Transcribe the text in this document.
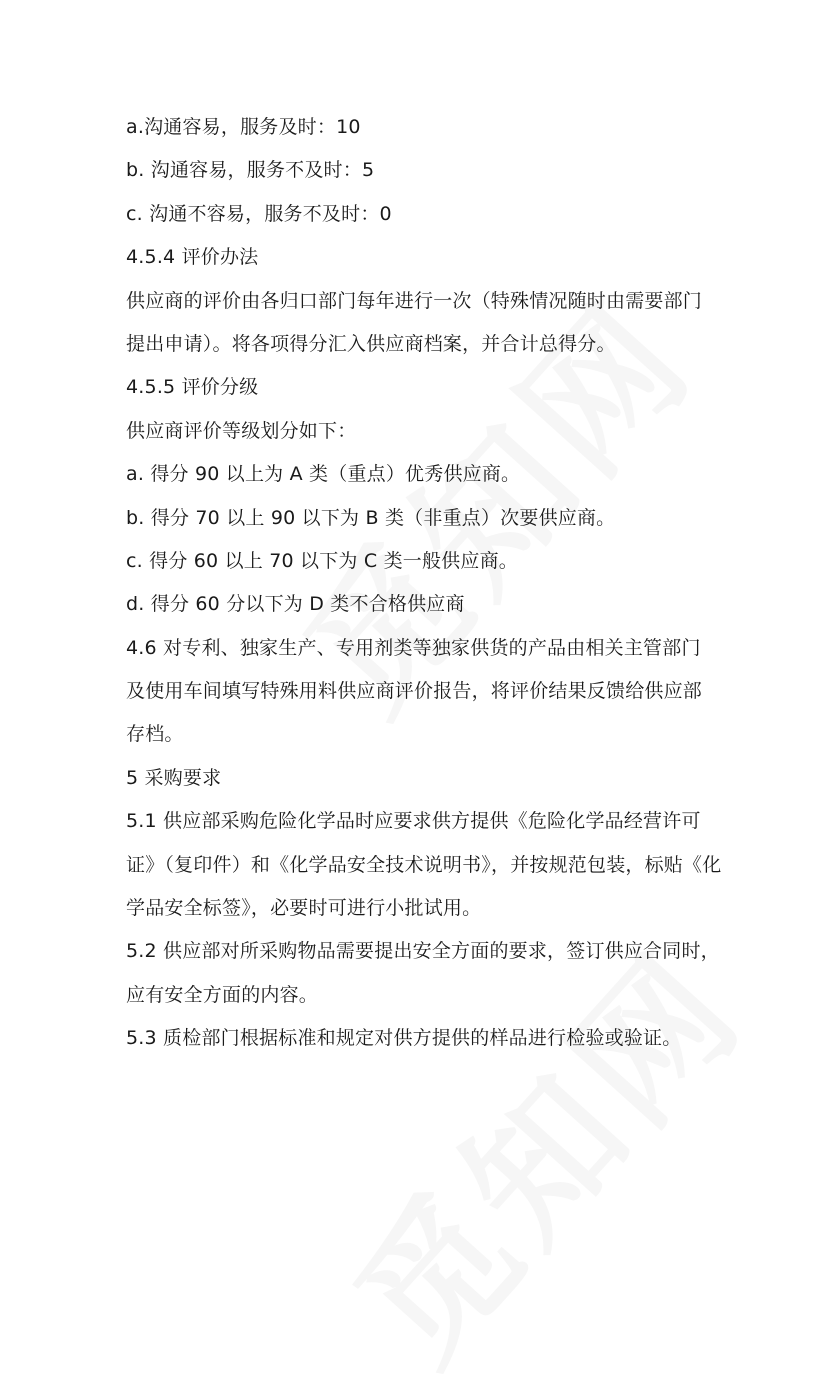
a.沟通容易，服务及时：10
b. 沟通容易，服务不及时：5
c. 沟通不容易，服务不及时：0
4.5.4 评价办法
供应商的评价由各归口部门每年进行一次（特殊情况随时由需要部门
提出申请）。将各项得分汇入供应商档案，并合计总得分。
4.5.5 评价分级
供应商评价等级划分如下：
a. 得分 90 以上为 A 类（重点）优秀供应商。
b. 得分 70 以上 90 以下为 B 类（非重点）次要供应商。
c. 得分 60 以上 70 以下为 C 类一般供应商。
d. 得分 60 分以下为 D 类不合格供应商
4.6 对专利、独家生产、专用剂类等独家供货的产品由相关主管部门
及使用车间填写特殊用料供应商评价报告，将评价结果反馈给供应部
存档。
5 采购要求
5.1 供应部采购危险化学品时应要求供方提供《危险化学品经营许可
证》（复印件）和《化学品安全技术说明书》，并按规范包装，标贴《化
学品安全标签》，必要时可进行小批试用。
5.2 供应部对所采购物品需要提出安全方面的要求，签订供应合同时，
应有安全方面的内容。
5.3 质检部门根据标准和规定对供方提供的样品进行检验或验证。
